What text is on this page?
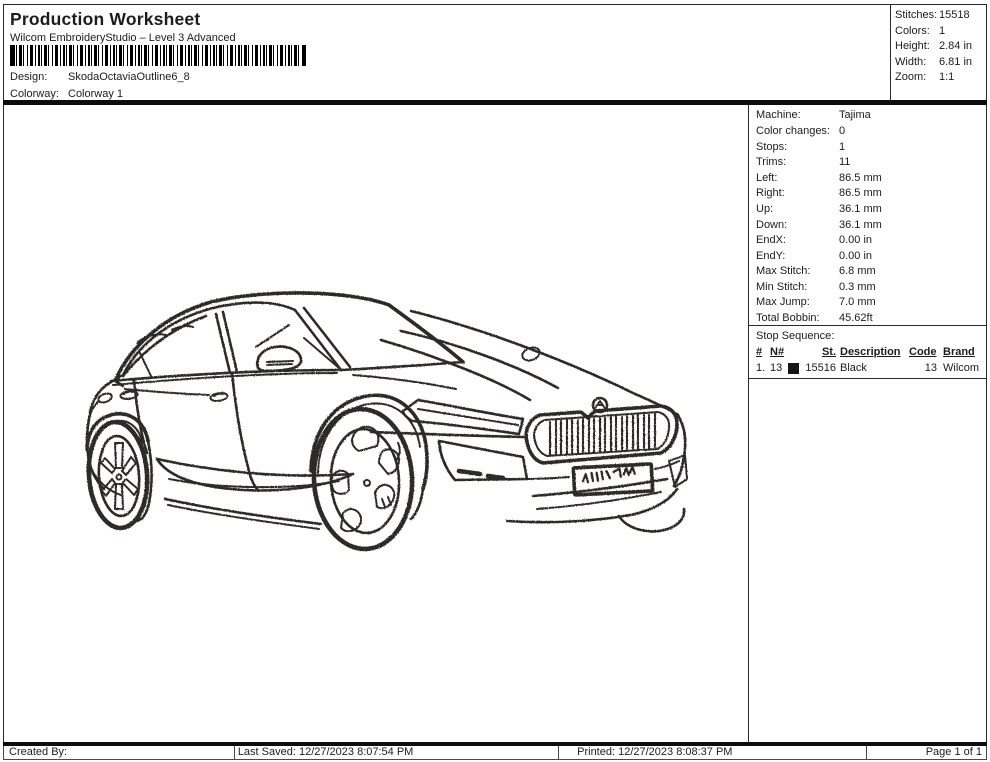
Production Worksheet
Wilcom EmbroideryStudio – Level 3 Advanced
Design: SkodaOctaviaOutline6_8
Colorway: Colorway 1
Stitches: 15518
Colors: 1
Height: 2.84 in
Width: 6.81 in
Zoom: 1:1
Machine:	Tajima
Color changes: 0
Stops:	1
Trims:	11
Left:	86.5 mm
Right:	86.5 mm
Up:	36.1 mm
Down:	36.1 mm
EndX:	0.00 in
EndY:	0.00 in
Max Stitch:	6.8 mm
Min Stitch:	0.3 mm
Max Jump:	7.0 mm
Total Bobbin: 45.62ft
Stop Sequence:
# N#	St. Description Code Brand
1. 13	15516 Black	13 Wilcom
Created By:	Last Saved: 12/27/2023 8:07:54 PM	Printed: 12/27/2023 8:08:37 PM	Page 1 of 1
